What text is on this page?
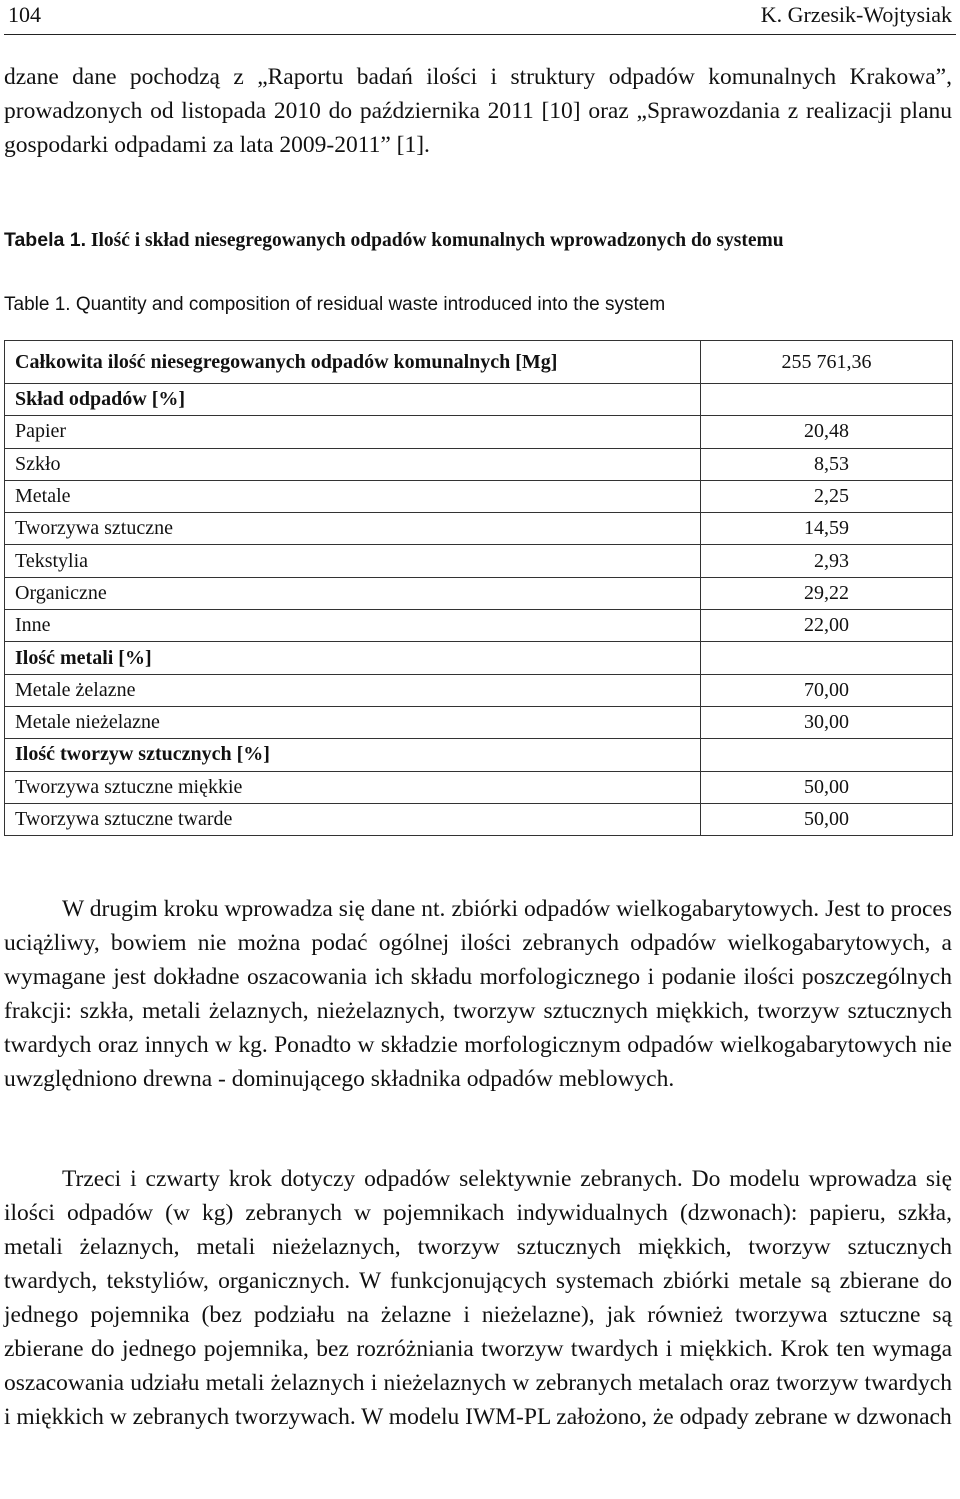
104	K. Grzesik-Wojtysiak

dzane dane pochodzą z „Raportu badań ilości i struktury odpadów komunalnych Krakowa”, prowadzonych od listopada 2010 do października 2011 [10] oraz „Sprawozdania z realizacji planu gospodarki odpadami za lata 2009-2011” [1].

Tabela 1. Ilość i skład niesegregowanych odpadów komunalnych wprowadzonych do systemu
Table 1. Quantity and composition of residual waste introduced into the system
Całkowita ilość niesegregowanych odpadów komunalnych [Mg]	255 761,36
Skład odpadów [%]	
Papier	20,48
Szkło	8,53
Metale	2,25
Tworzywa sztuczne	14,59
Tekstylia	2,93
Organiczne	29,22
Inne	22,00
Ilość metali [%]	
Metale żelazne	70,00
Metale nieżelazne	30,00
Ilość tworzyw sztucznych [%]	
Tworzywa sztuczne miękkie	50,00
Tworzywa sztuczne twarde	50,00

W drugim kroku wprowadza się dane nt. zbiórki odpadów wielkogabarytowych. Jest to proces uciążliwy, bowiem nie można podać ogólnej ilości zebranych odpadów wielkogabarytowych, a wymagane jest dokładne oszacowania ich składu morfologicznego i podanie ilości poszczególnych frakcji: szkła, metali żelaznych, nieżelaznych, tworzyw sztucznych miękkich, tworzyw sztucznych twardych oraz innych w kg. Ponadto w składzie morfologicznym odpadów wielkogabarytowych nie uwzględniono drewna - dominującego składnika odpadów meblowych.

Trzeci i czwarty krok dotyczy odpadów selektywnie zebranych. Do modelu wprowadza się ilości odpadów (w kg) zebranych w pojemnikach indywidualnych (dzwonach): papieru, szkła, metali żelaznych, metali nieżelaznych, tworzyw sztucznych miękkich, tworzyw sztucznych twardych, tekstyliów, organicznych. W funkcjonujących systemach zbiórki metale są zbierane do jednego pojemnika (bez podziału na żelazne i nieżelazne), jak również tworzywa sztuczne są zbierane do jednego pojemnika, bez rozróżniania tworzyw twardych i miękkich. Krok ten wymaga oszacowania udziału metali żelaznych i nieżelaznych w zebranych metalach oraz tworzyw twardych i miękkich w zebranych tworzywach. W modelu IWM-PL założono, że odpady zebrane w dzwonach
